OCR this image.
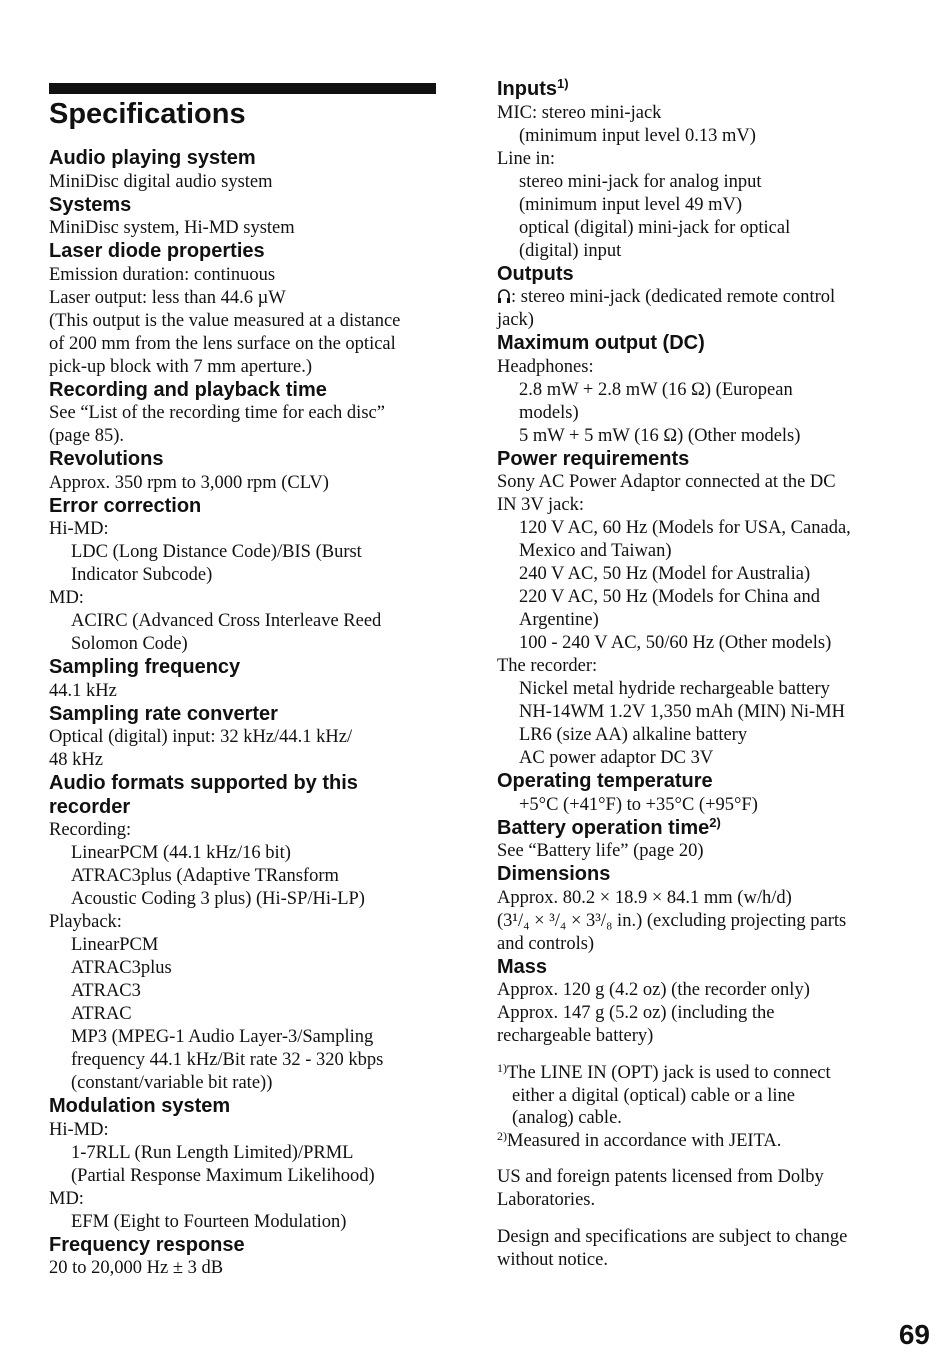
Specifications
Audio playing system
MiniDisc digital audio system
Systems
MiniDisc system, Hi-MD system
Laser diode properties
Emission duration: continuous
Laser output: less than 44.6 µW
(This output is the value measured at a distance
of 200 mm from the lens surface on the optical
pick-up block with 7 mm aperture.)
Recording and playback time
See “List of the recording time for each disc”
(page 85).
Revolutions
Approx. 350 rpm to 3,000 rpm (CLV)
Error correction
Hi-MD:
LDC (Long Distance Code)/BIS (Burst
Indicator Subcode)
MD:
ACIRC (Advanced Cross Interleave Reed
Solomon Code)
Sampling frequency
44.1 kHz
Sampling rate converter
Optical (digital) input: 32 kHz/44.1 kHz/
48 kHz
Audio formats supported by this
recorder
Recording:
LinearPCM (44.1 kHz/16 bit)
ATRAC3plus (Adaptive TRansform
Acoustic Coding 3 plus) (Hi-SP/Hi-LP)
Playback:
LinearPCM
ATRAC3plus
ATRAC3
ATRAC
MP3 (MPEG-1 Audio Layer-3/Sampling
frequency 44.1 kHz/Bit rate 32 - 320 kbps
(constant/variable bit rate))
Modulation system
Hi-MD:
1-7RLL (Run Length Limited)/PRML
(Partial Response Maximum Likelihood)
MD:
EFM (Eight to Fourteen Modulation)
Frequency response
20 to 20,000 Hz ± 3 dB
Inputs$^{1)}$
MIC: stereo mini-jack
(minimum input level 0.13 mV)
Line in:
stereo mini-jack for analog input
(minimum input level 49 mV)
optical (digital) mini-jack for optical
(digital) input
Outputs
: stereo mini-jack (dedicated remote control
jack)
Maximum output (DC)
Headphones:
2.8 mW + 2.8 mW (16 Ω) (European
models)
5 mW + 5 mW (16 Ω) (Other models)
Power requirements
Sony AC Power Adaptor connected at the DC
IN 3V jack:
120 V AC, 60 Hz (Models for USA, Canada,
Mexico and Taiwan)
240 V AC, 50 Hz (Model for Australia)
220 V AC, 50 Hz (Models for China and
Argentine)
100 - 240 V AC, 50/60 Hz (Other models)
The recorder:
Nickel metal hydride rechargeable battery
NH-14WM 1.2V 1,350 mAh (MIN) Ni-MH
LR6 (size AA) alkaline battery
AC power adaptor DC 3V
Operating temperature
+5°C (+41°F) to +35°C (+95°F)
Battery operation time$^{2)}$
See “Battery life” (page 20)
Dimensions
Approx. 80.2 × 18.9 × 84.1 mm (w/h/d)
(3¹/₄ × ³/₄ × 3³/₈ in.) (excluding projecting parts
and controls)
Mass
Approx. 120 g (4.2 oz) (the recorder only)
Approx. 147 g (5.2 oz) (including the
rechargeable battery)
$^{1)}$The LINE IN (OPT) jack is used to connect
either a digital (optical) cable or a line
(analog) cable.
$^{2)}$Measured in accordance with JEITA.
US and foreign patents licensed from Dolby
Laboratories.
Design and specifications are subject to change
without notice.
69
